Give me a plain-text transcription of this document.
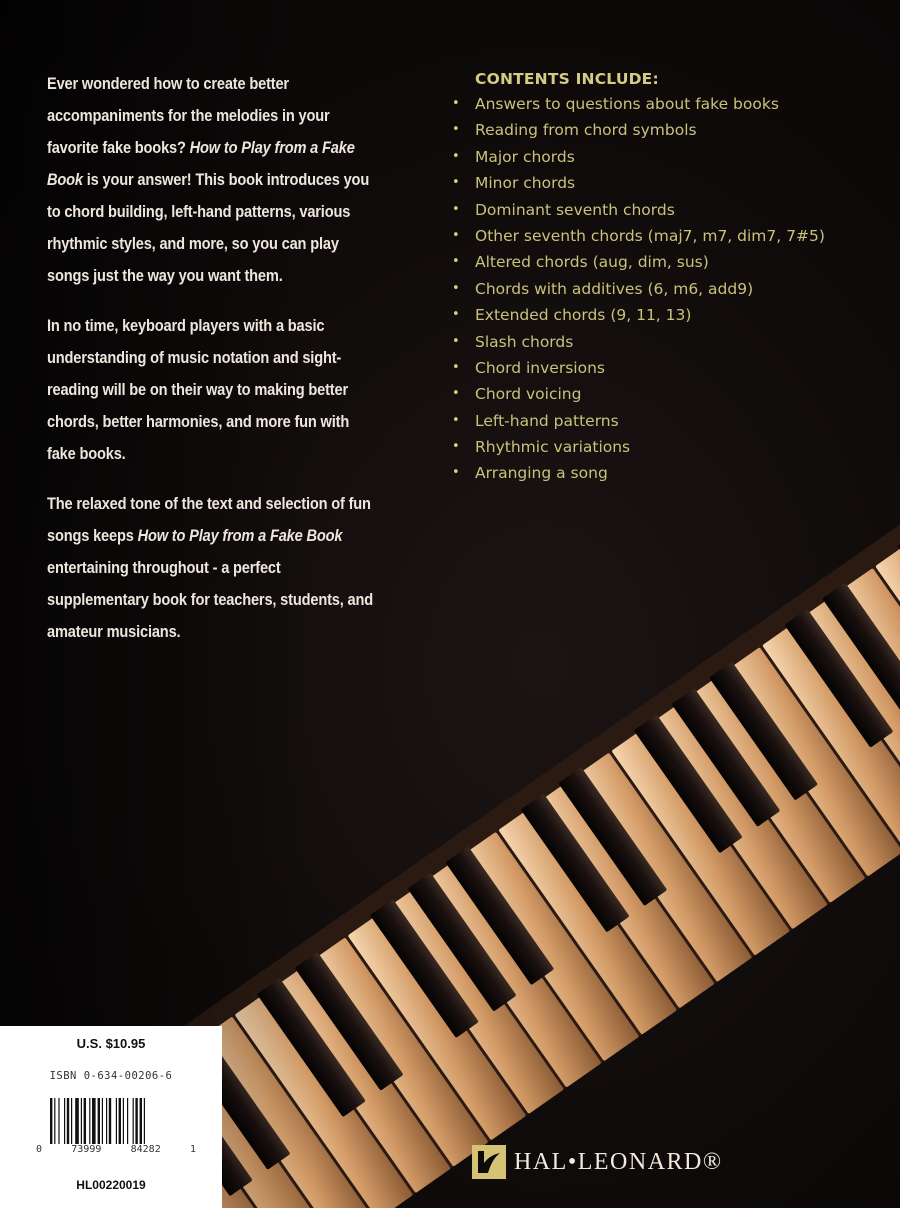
Ever wondered how to create better accompaniments for the melodies in your favorite fake books? How to Play from a Fake Book is your answer! This book introduces you to chord building, left-hand patterns, various rhythmic styles, and more, so you can play songs just the way you want them.

In no time, keyboard players with a basic understanding of music notation and sight-reading will be on their way to making better chords, better harmonies, and more fun with fake books.

The relaxed tone of the text and selection of fun songs keeps How to Play from a Fake Book entertaining throughout - a perfect supplementary book for teachers, students, and amateur musicians.

CONTENTS INCLUDE:
• Answers to questions about fake books
• Reading from chord symbols
• Major chords
• Minor chords
• Dominant seventh chords
• Other seventh chords (maj7, m7, dim7, 7#5)
• Altered chords (aug, dim, sus)
• Chords with additives (6, m6, add9)
• Extended chords (9, 11, 13)
• Slash chords
• Chord inversions
• Chord voicing
• Left-hand patterns
• Rhythmic variations
• Arranging a song
U.S. $10.95
ISBN 0-634-00206-6
0	73999	84282	1
HL00220019
HAL•LEONARD®
